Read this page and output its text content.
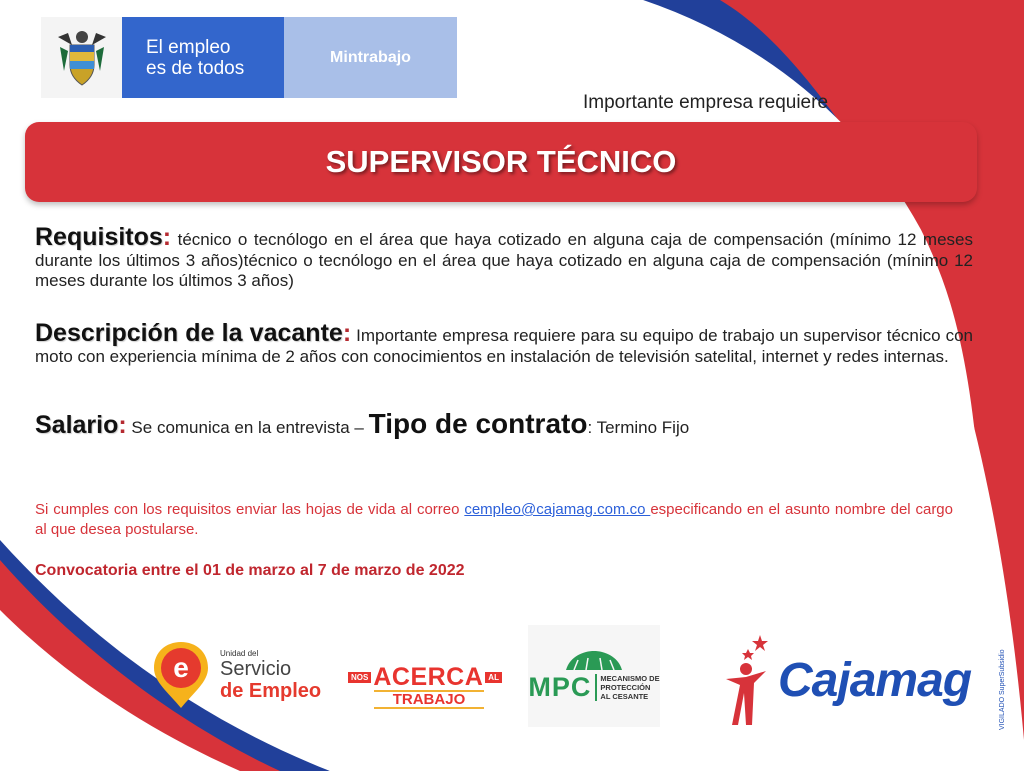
El empleo
es de todos
Mintrabajo
Importante empresa requiere
SUPERVISOR TÉCNICO
Requisitos: técnico o tecnólogo en el área que haya cotizado en alguna caja de compensación (mínimo 12 meses durante los últimos 3 años)técnico o tecnólogo en el área que haya cotizado en alguna caja de compensación (mínimo 12 meses durante los últimos 3 años)
Descripción de la vacante: Importante empresa requiere para su equipo de trabajo un supervisor técnico con moto con experiencia mínima de 2 años con conocimientos en instalación de televisión satelital, internet y redes internas.
Salario: Se comunica en la entrevista – Tipo de contrato: Termino Fijo
Si cumples con los requisitos enviar las hojas de vida al correo cempleo@cajamag.com.co especificando en el asunto nombre del cargo al que desea postularse.
Convocatoria entre el 01 de marzo al 7 de marzo de 2022
e	Unidad del
Servicio
de Empleo
NOS ACERCA AL
TRABAJO	MPC MECANISMO DE
PROTECCIÓN
AL CESANTE	Cajamag	VIGILADO SuperSubsidio
